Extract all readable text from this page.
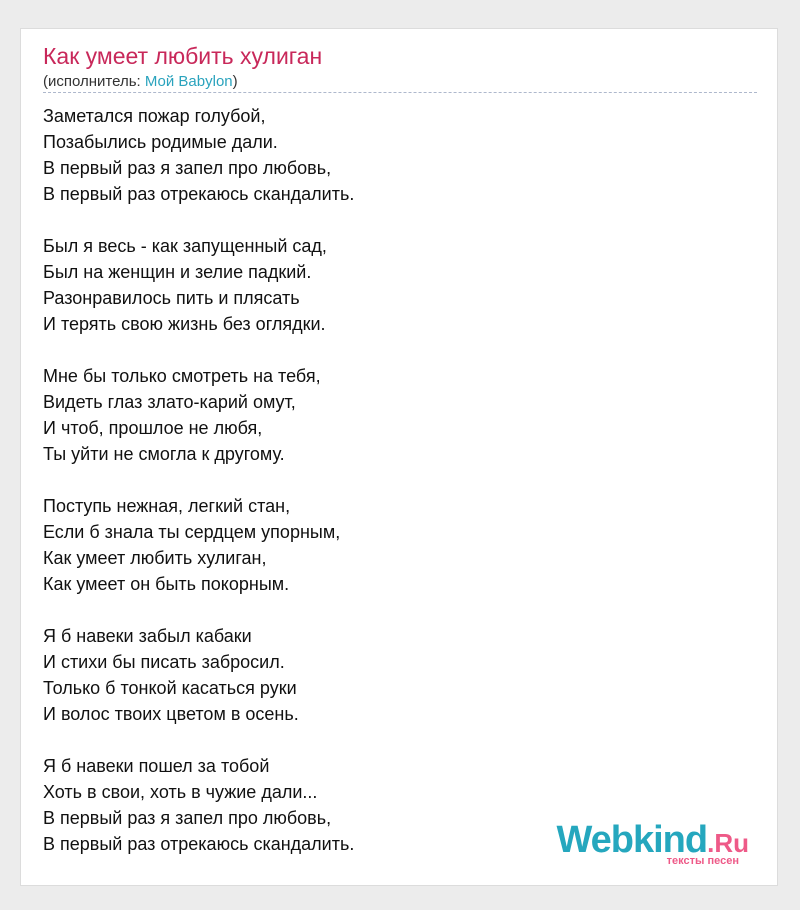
Как умеет любить хулиган
(исполнитель: Мой Babylon)
Заметался пожар голубой,
Позабылись родимые дали.
В первый раз я запел про любовь,
В первый раз отрекаюсь скандалить.
Был я весь - как запущенный сад,
Был на женщин и зелие падкий.
Разонравилось пить и плясать
И терять свою жизнь без оглядки.
Мне бы только смотреть на тебя,
Видеть глаз злато-карий омут,
И чтоб, прошлое не любя,
Ты уйти не смогла к другому.
Поступь нежная, легкий стан,
Если б знала ты сердцем упорным,
Как умеет любить хулиган,
Как умеет он быть покорным.
Я б навеки забыл кабаки
И стихи бы писать забросил.
Только б тонкой касаться руки
И волос твоих цветом в осень.
Я б навеки пошел за тобой
Хоть в свои, хоть в чужие дали...
В первый раз я запел про любовь,
В первый раз отрекаюсь скандалить.	Webkind.Ru
тексты песен
